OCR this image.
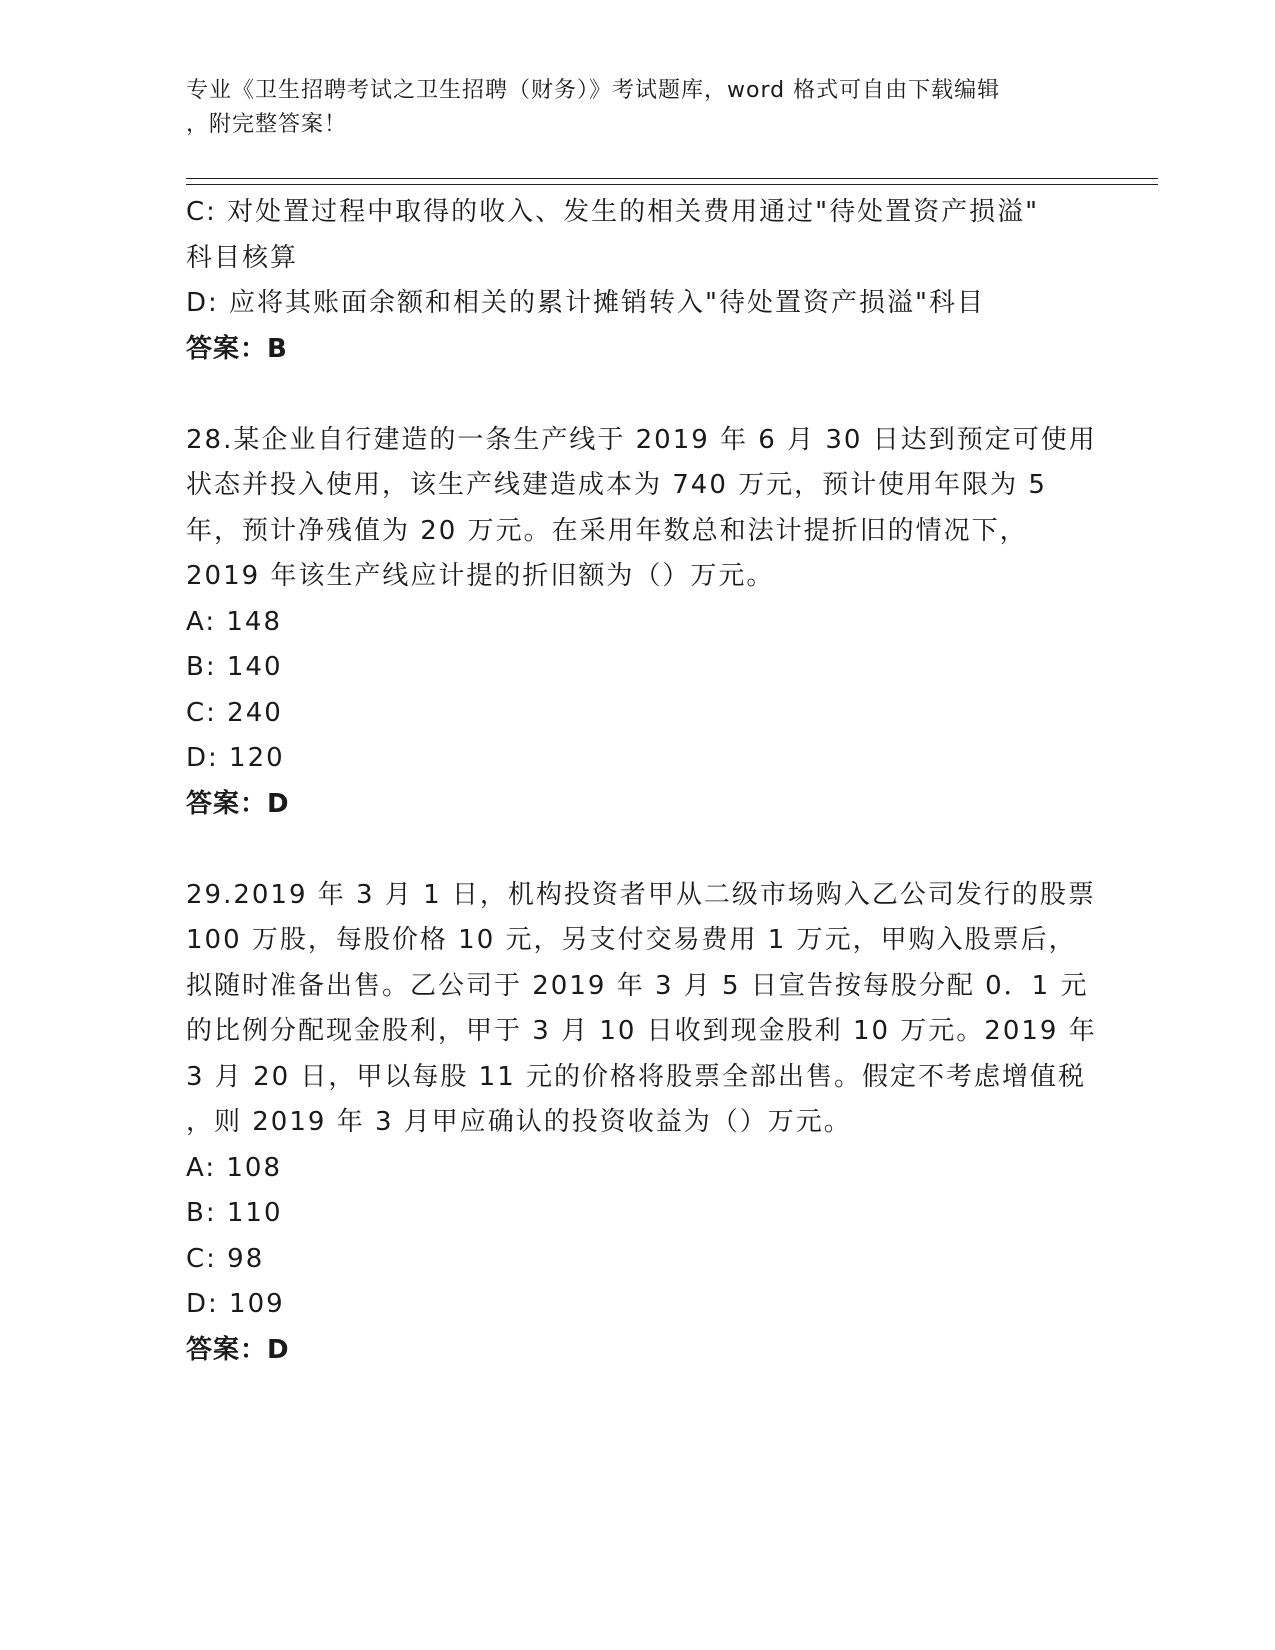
专业《卫生招聘考试之卫生招聘（财务）》考试题库，word 格式可自由下载编辑
，附完整答案！
C: 对处置过程中取得的收入、发生的相关费用通过"待处置资产损溢"
科目核算
D: 应将其账面余额和相关的累计摊销转入"待处置资产损溢"科目
答案：B
28.某企业自行建造的一条生产线于 2019 年 6 月 30 日达到预定可使用
状态并投入使用，该生产线建造成本为 740 万元，预计使用年限为 5
年，预计净残值为 20 万元。在采用年数总和法计提折旧的情况下，
2019 年该生产线应计提的折旧额为（）万元。
A: 148
B: 140
C: 240
D: 120
答案：D
29.2019 年 3 月 1 日，机构投资者甲从二级市场购入乙公司发行的股票
100 万股，每股价格 10 元，另支付交易费用 1 万元，甲购入股票后，
拟随时准备出售。乙公司于 2019 年 3 月 5 日宣告按每股分配 0．1 元
的比例分配现金股利，甲于 3 月 10 日收到现金股利 10 万元。2019 年
3 月 20 日，甲以每股 11 元的价格将股票全部出售。假定不考虑增值税
，则 2019 年 3 月甲应确认的投资收益为（）万元。
A: 108
B: 110
C: 98
D: 109
答案：D
